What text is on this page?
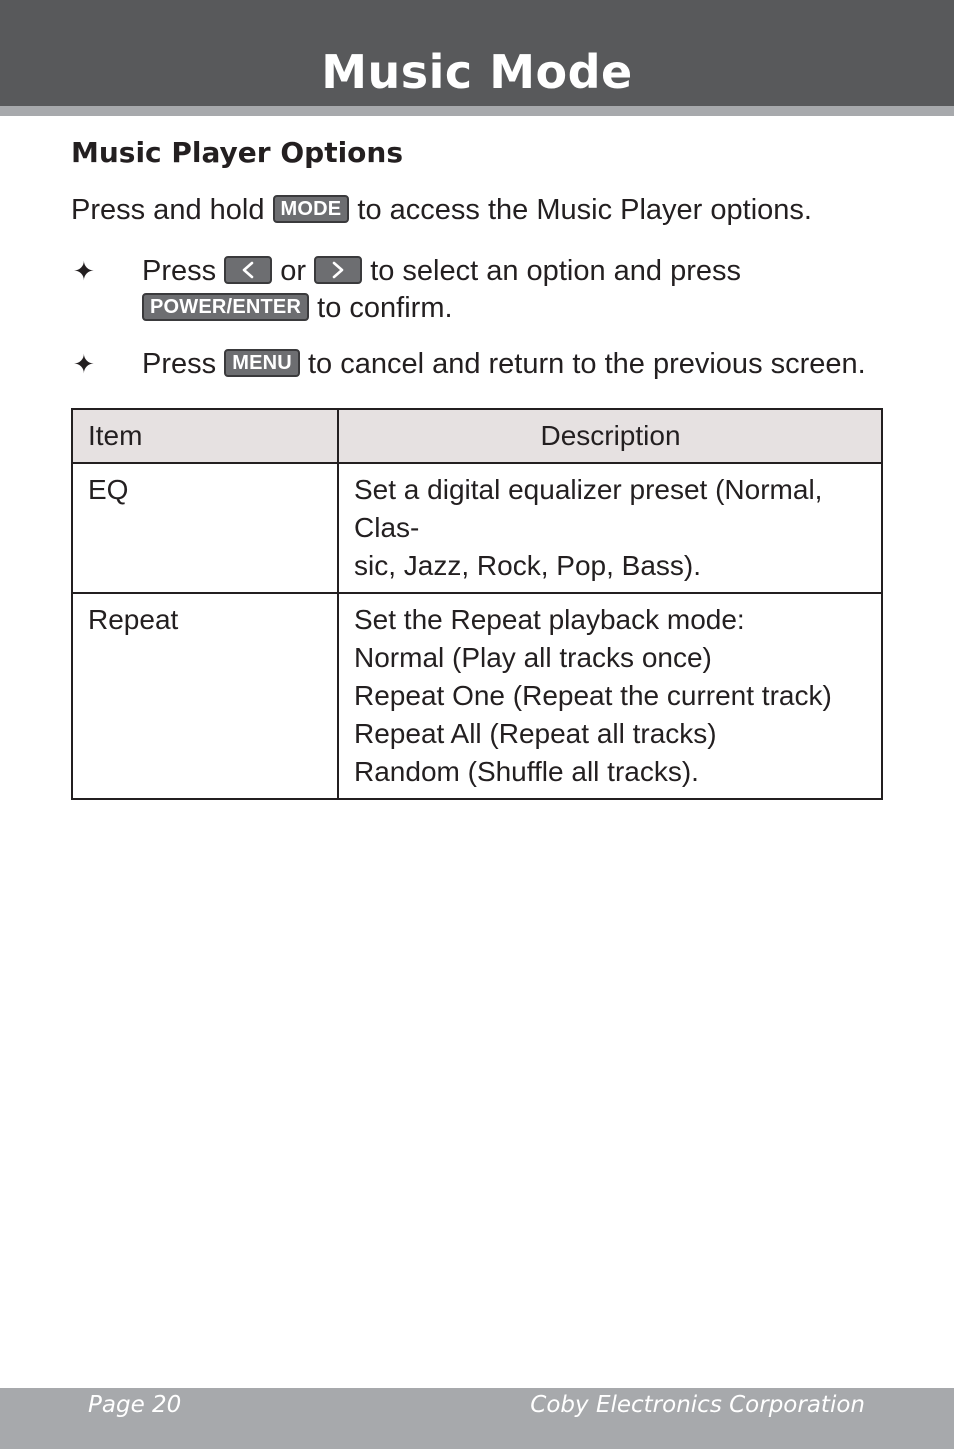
Music Mode
Music Player Options
Press and hold MODE to access the Music Player options.
✦ Press or to select an option and press
POWER/ENTER to confirm.
✦ Press MENU to cancel and return to the previous screen.
Item	Description
EQ	Set a digital equalizer preset (Normal, Clas-
sic, Jazz, Rock, Pop, Bass).

Repeat	Set the Repeat playback mode:
Normal (Play all tracks once)
Repeat One (Repeat the current track)
Repeat All (Repeat all tracks)
Random (Shuffle all tracks).
Page 20	Coby Electronics Corporation
